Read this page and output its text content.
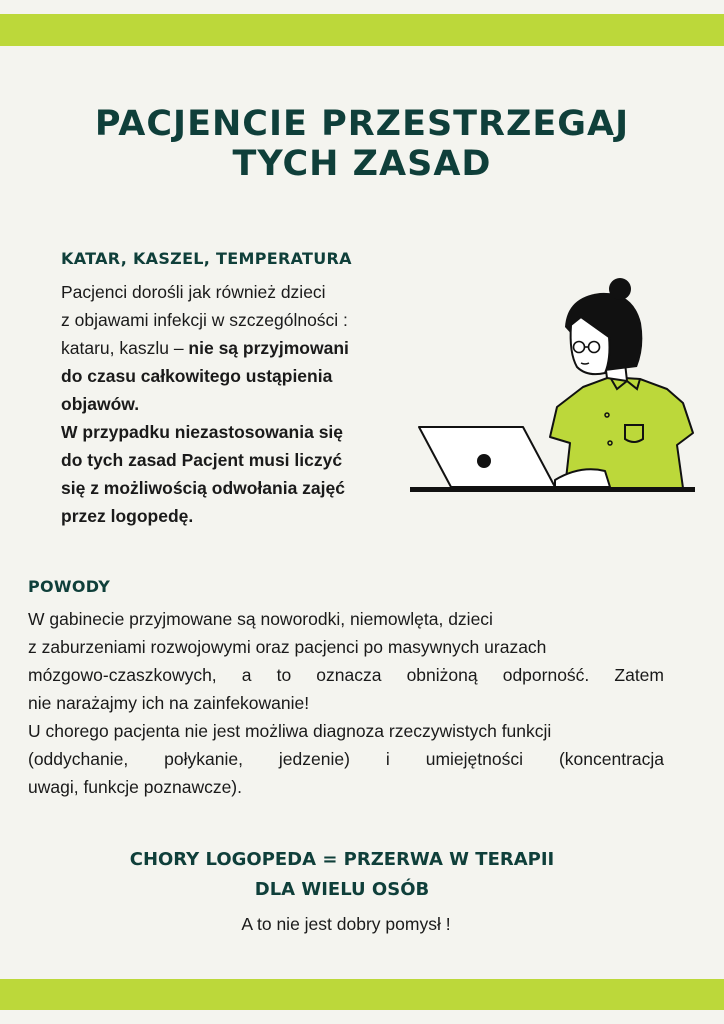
PACJENCIE PRZESTRZEGAJ
TYCH ZASAD
KATAR, KASZEL, TEMPERATURA

Pacjenci dorośli jak również dzieci
z objawami infekcji w szczególności :
kataru, kaszlu – nie są przyjmowani
do czasu całkowitego ustąpienia
objawów.
W przypadku niezastosowania się
do tych zasad Pacjent musi liczyć
się z możliwością odwołania zajęć
przez logopedę.

POWODY

W gabinecie przyjmowane są noworodki, niemowlęta, dzieci
z zaburzeniami rozwojowymi oraz pacjenci po masywnych urazach
mózgowo-czaszkowych, a to oznacza obniżoną odporność. Zatem
nie narażajmy ich na zainfekowanie!
U chorego pacjenta nie jest możliwa diagnoza rzeczywistych funkcji
(oddychanie, połykanie, jedzenie) i umiejętności (koncentracja
uwagi, funkcje poznawcze).

CHORY LOGOPEDA = PRZERWA W TERAPII
DLA WIELU OSÓB

A to nie jest dobry pomysł !
